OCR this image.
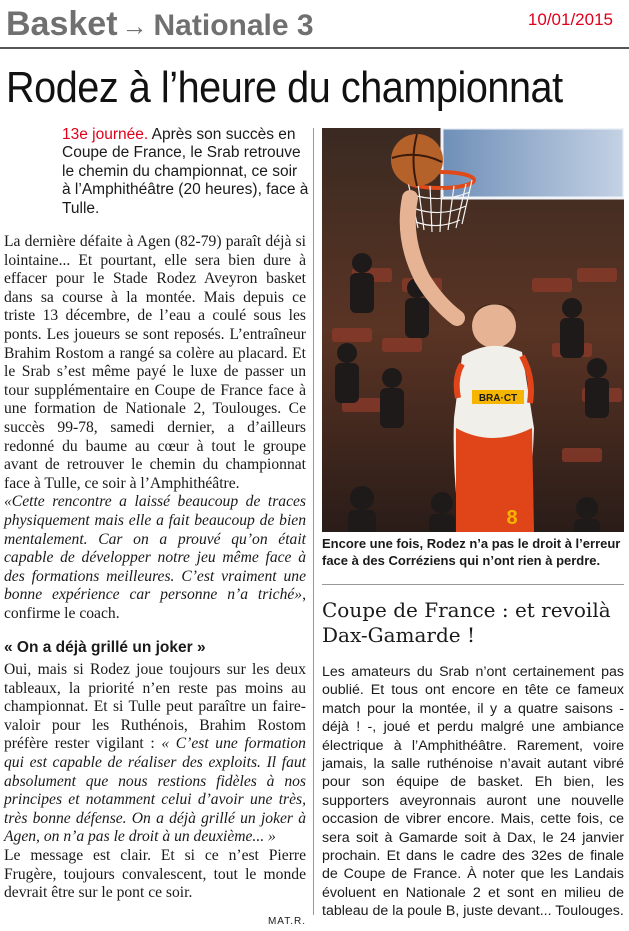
Basket → Nationale 3	10/01/2015
Rodez à l’heure du championnat
13e journée. Après son succès en Coupe de France, le Srab retrouve le chemin du championnat, ce soir à l’Amphithéâtre (20 heures), face à Tulle.

La dernière défaite à Agen (82-79) paraît déjà si lointaine... Et pourtant, elle sera bien dure à effacer pour le Stade Rodez Aveyron basket dans sa course à la montée. Mais depuis ce triste 13 décembre, de l’eau a coulé sous les ponts. Les joueurs se sont reposés. L’entraîneur Brahim Rostom a rangé sa colère au placard. Et le Srab s’est même payé le luxe de passer un tour supplémentaire en Coupe de France face à une formation de Nationale 2, Toulouges. Ce succès 99-78, samedi dernier, a d’ailleurs redonné du baume au cœur à tout le groupe avant de retrouver le chemin du championnat face à Tulle, ce soir à l’Amphithéâtre.

«Cette rencontre a laissé beaucoup de traces physiquement mais elle a fait beaucoup de bien mentalement. Car on a prouvé qu’on était capable de développer notre jeu même face à des formations meilleures. C’est vraiment une bonne expérience car personne n’a triché», confirme le coach.

« On a déjà grillé un joker »

Oui, mais si Rodez joue toujours sur les deux tableaux, la priorité n’en reste pas moins au championnat. Et si Tulle peut paraître un faire-valoir pour les Ruthénois, Brahim Rostom préfère rester vigilant : « C’est une formation qui est capable de réaliser des exploits. Il faut absolument que nous restions fidèles à nos principes et notamment celui d’avoir une très, très bonne défense. On a déjà grillé un joker à Agen, on n’a pas le droit à un deuxième... »

Le message est clair. Et si ce n’est Pierre Frugère, toujours convalescent, tout le monde devrait être sur le pont ce soir.

MAT.R.
BRA·CT
8
Encore une fois, Rodez n’a pas le droit à l’erreur face à des Corréziens qui n’ont rien à perdre.
Coupe de France : et revoilà Dax-Gamarde !
Les amateurs du Srab n’ont certainement pas oublié. Et tous ont encore en tête ce fameux match pour la montée, il y a quatre saisons - déjà ! -, joué et perdu malgré une ambiance électrique à l’Amphithéâtre. Rarement, voire jamais, la salle ruthénoise n’avait autant vibré pour son équipe de basket. Eh bien, les supporters aveyronnais auront une nouvelle occasion de vibrer encore. Mais, cette fois, ce sera soit à Gamarde soit à Dax, le 24 janvier prochain. Et dans le cadre des 32es de finale de Coupe de France. À noter que les Landais évoluent en Nationale 2 et sont en milieu de tableau de la poule B, juste devant... Toulouges.
